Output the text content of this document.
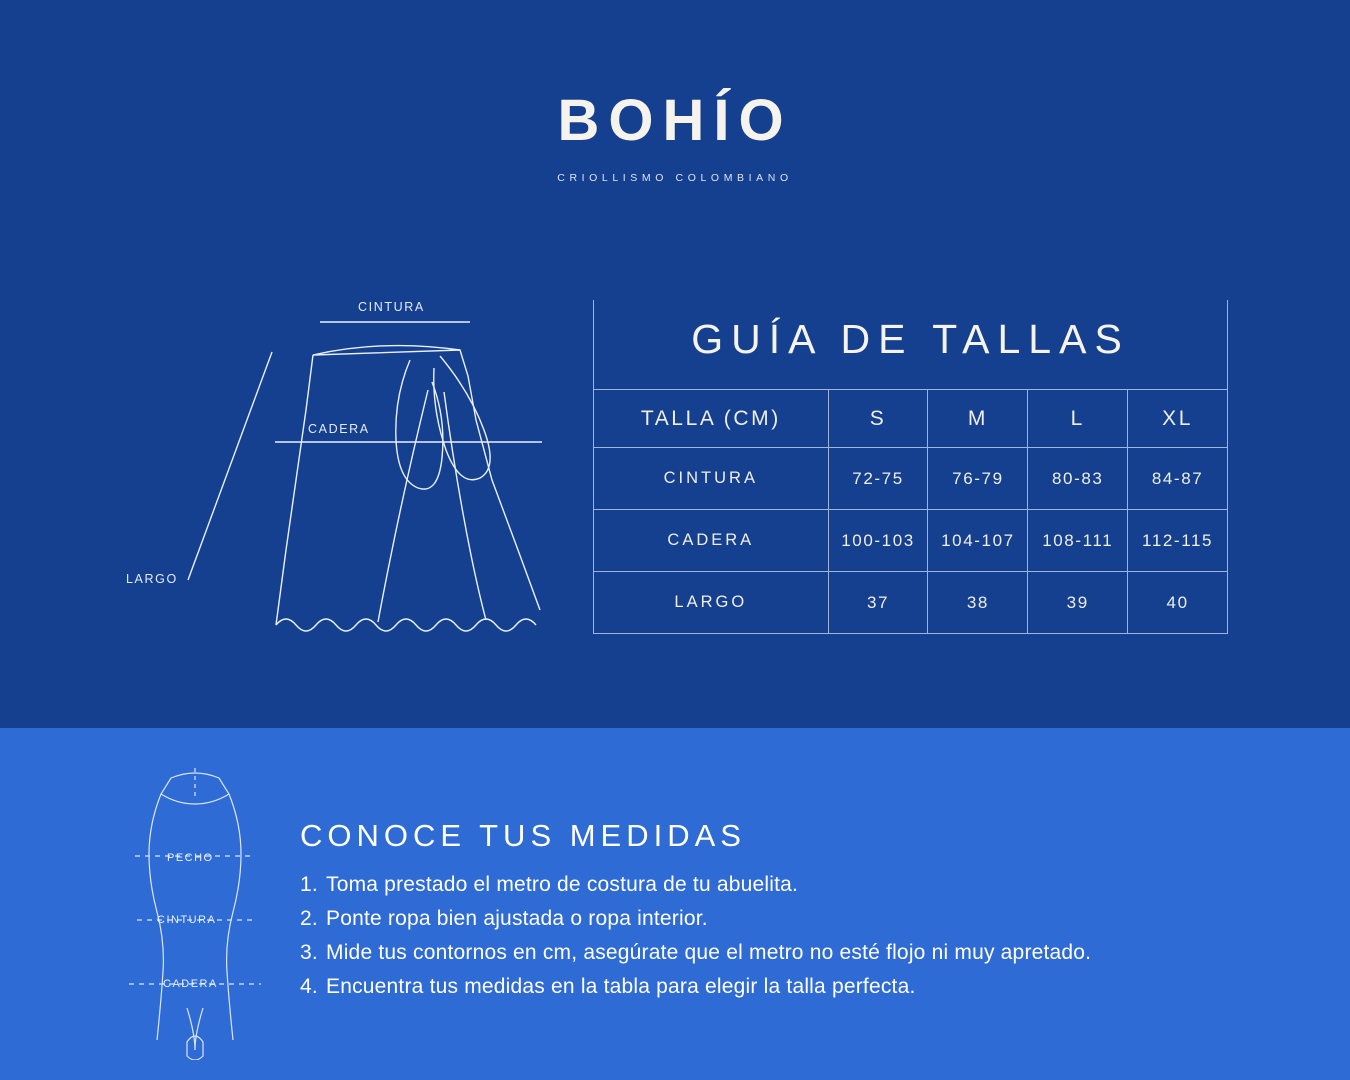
BOHÍO
CRIOLLISMO COLOMBIANO
CINTURA
CADERA
LARGO
GUÍA DE TALLAS
TALLA (CM)	S	M	L	XL
CINTURA	72-75	76-79	80-83	84-87
CADERA	100-103	104-107	108-111	112-115
LARGO	37	38	39	40
PECHO
CINTURA
CADERA
CONOCE TUS MEDIDAS
1. Toma prestado el metro de costura de tu abuelita.
2. Ponte ropa bien ajustada o ropa interior.
3. Mide tus contornos en cm, asegúrate que el metro no esté flojo ni muy apretado.
4. Encuentra tus medidas en la tabla para elegir la talla perfecta.
